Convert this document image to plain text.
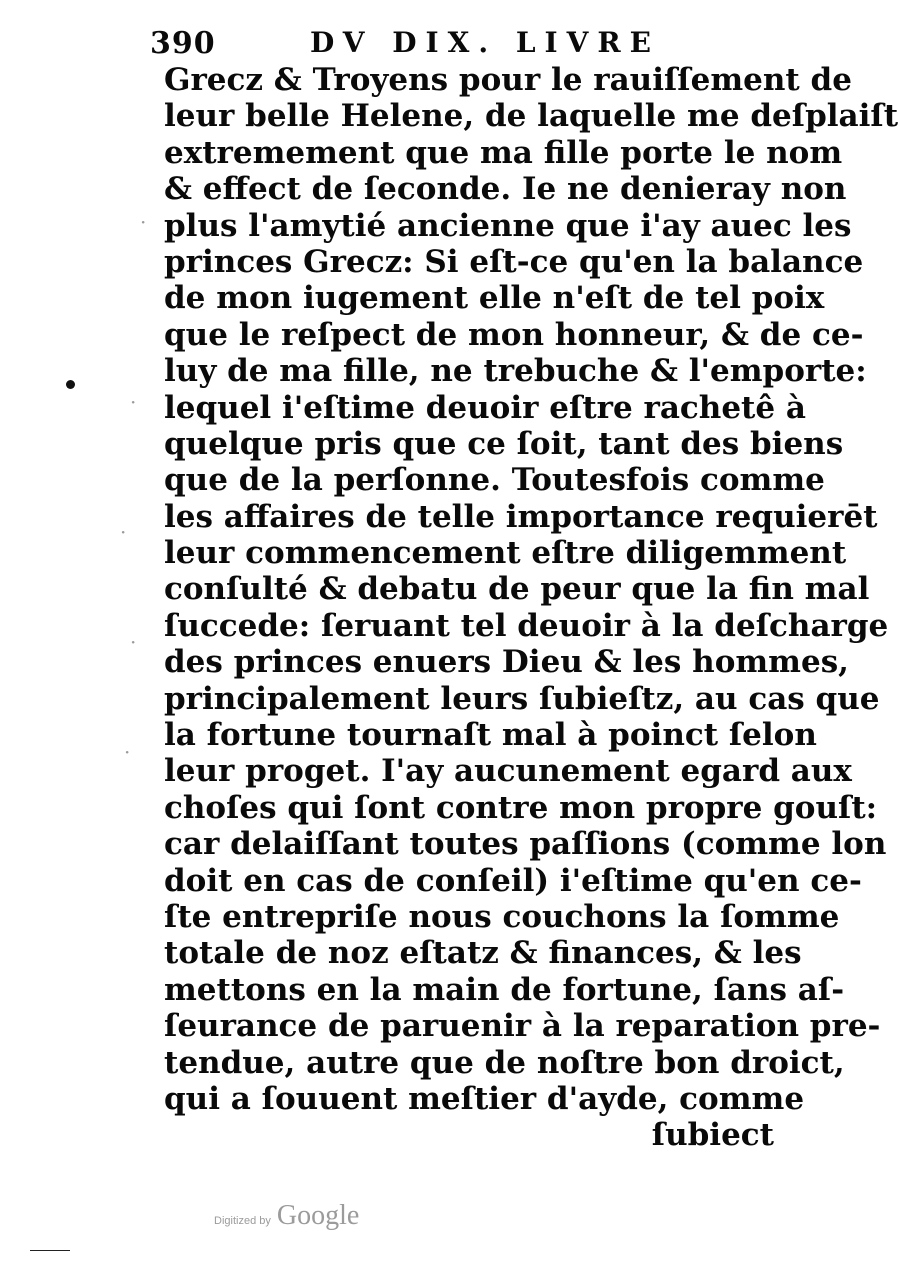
390	DV DIX. LIVRE
·
·
·
·
·
Grecz & Troyens pour le rauiſſement de
leur belle Helene, de laquelle me deſplaiſt
extremement que ma fille porte le nom
& effect de ſeconde. Ie ne denieray non
plus l'amytié ancienne que i'ay auec les
princes Grecz: Si eſt-ce qu'en la balance
de mon iugement elle n'eſt de tel poix
que le reſpect de mon honneur, & de ce-
luy de ma fille, ne trebuche & l'emporte:
lequel i'eſtime deuoir eſtre rachetê à
quelque pris que ce ſoit, tant des biens
que de la perſonne. Toutesfois comme
les affaires de telle importance requierēt
leur commencement eſtre diligemment
conſulté & debatu de peur que la fin mal
ſuccede: ſeruant tel deuoir à la deſcharge
des princes enuers Dieu & les hommes,
principalement leurs ſubieſtz, au cas que
la fortune tournaſt mal à poinct ſelon
leur proget. I'ay aucunement egard aux
choſes qui ſont contre mon propre gouſt:
car delaiſſant toutes paſſions (comme lon
doit en cas de conſeil) i'eſtime qu'en ce-
ſte entrepriſe nous couchons la ſomme
totale de noz eſtatz & finances, & les
mettons en la main de fortune, ſans aſ-
ſeurance de paruenir à la reparation pre-
tendue, autre que de noſtre bon droict,
qui a ſouuent meſtier d'ayde, comme
ſubiect
Digitized by Google
